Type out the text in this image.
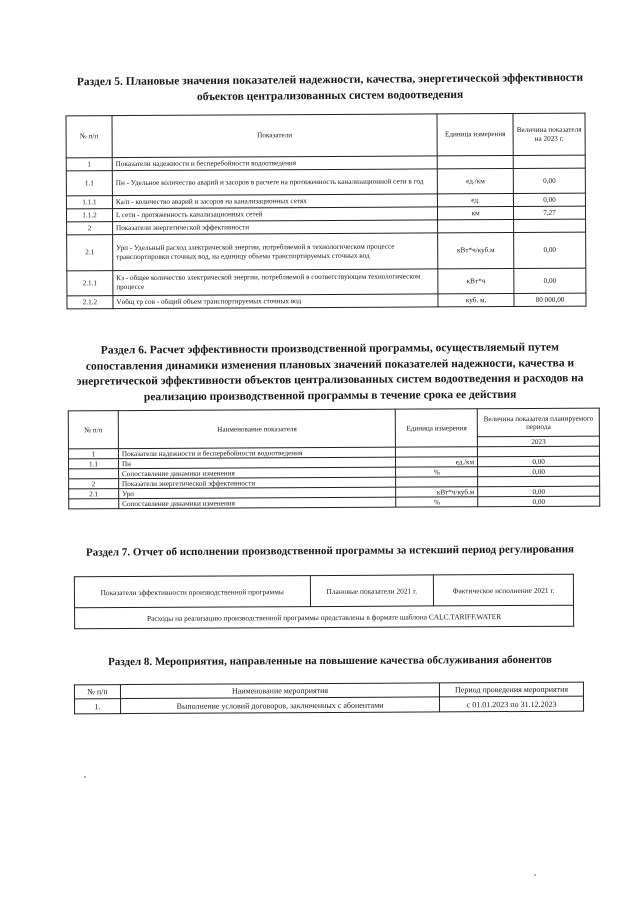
Раздел 5. Плановые значения показателей надежности, качества, энергетической эффективности
объектов централизованных систем водоотведения
№ п/п	Показатели	Единица измерения	Величина показателя на 2023 г.
1	Показатели надежности и бесперебойности водоотведения		
1.1	Пн - Удельное количество аварий и засоров в расчете на протяженность канализационной сети в год	ед./км	0,00
1.1.1	Ка/п - количество аварий и засоров на канализационных сетях	ед.	0,00
1.1.2	L сети - протяженность канализационных сетей	км	7,27
2	Показатели энергетической эффективности		
2.1	Урп - Удельный расход электрической энергии, потребляемой в технологическом процессе транспортировки сточных вод, на единицу объема транспортируемых сточных вод	кВт*ч/куб.м	0,00
2.1.1	Кэ - общее количество электрической энергии, потребляемой в соответствующем технологическом процессе	кВт*ч	0,00
2.1.2	Vобщ тр сов - общий объем транспортируемых сточных вод	куб. м.	80 000,00
Раздел 6. Расчет эффективности производственной программы, осуществляемый путем
сопоставления динамики изменения плановых значений показателей надежности, качества и
энергетической эффективности объектов централизованных систем водоотведения и расходов на
реализацию производственной программы в течение срока ее действия
№ п/п	Наименование показателя	Единица измерения	Величина показателя планируемого периода
			2023
1	Показатели надежности и бесперебойности водоотведения		
1.1	Пн	ед./км	0,00
	Сопоставление динамики изменения	%	0,00
2	Показатели энергетической эффективности		
2.1	Урп	кВт*ч/куб.м	0,00
	Сопоставление динамики изменения	%	0,00
Раздел 7. Отчет об исполнении производственной программы за истекший период регулирования
Показатели эффективности производственной программы	Плановые показатели 2021 г.	Фактическое исполнение 2021 г.
Расходы на реализацию производственной программы представлены в формате шаблона CALC.TARIFF.WATER
Раздел 8. Мероприятия, направленные на повышение качества обслуживания абонентов
№ п/п	Наименование мероприятия	Период проведения мероприятия
1.	Выполнение условий договоров, заключенных с абонентами	с 01.01.2023 по 31.12.2023
